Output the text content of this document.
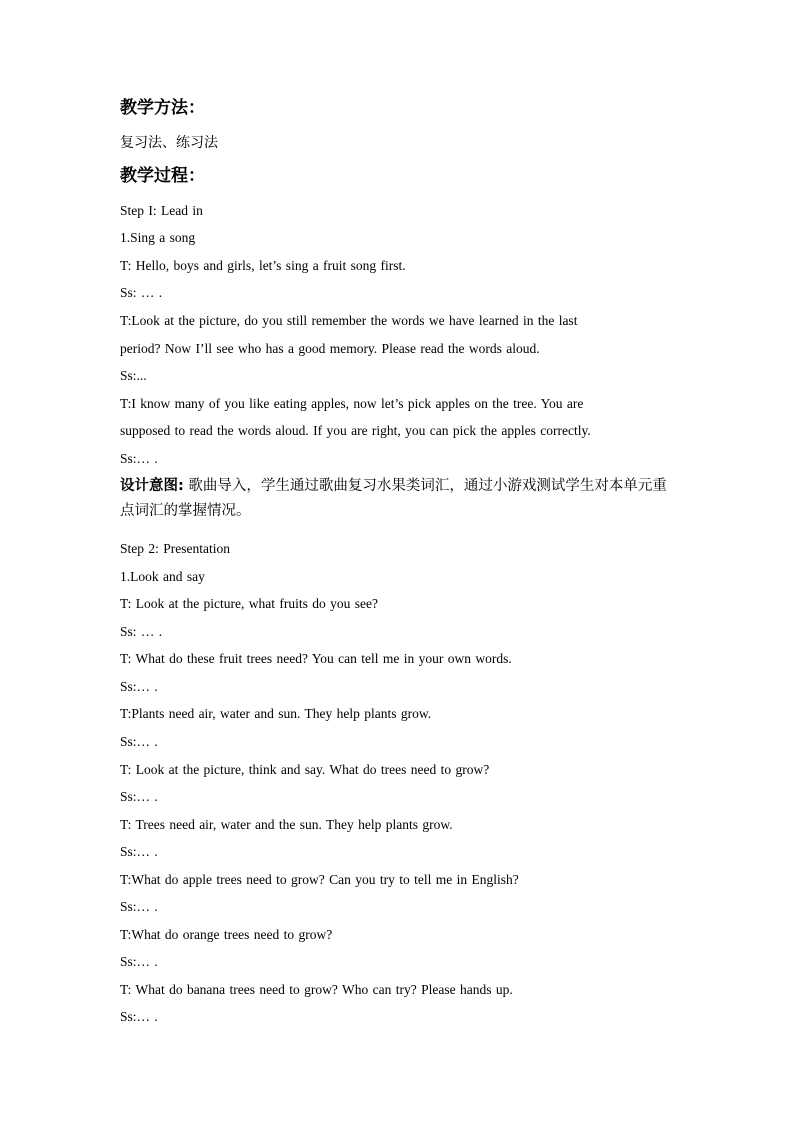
教学方法：
复习法、练习法
教学过程：
Step I: Lead in
1.Sing a song
T: Hello, boys and girls, let’s sing a fruit song first.
Ss: … .
T:Look at the picture, do you still remember the words we have learned in the last
period? Now I’ll see who has a good memory. Please read the words aloud.
Ss:...
T:I know many of you like eating apples, now let’s pick apples on the tree. You are
supposed to read the words aloud. If you are right, you can pick the apples correctly.
Ss:… .

设计意图: 歌曲导入，学生通过歌曲复习水果类词汇，通过小游戏测试学生对本单元重点词汇的掌握情况。

Step 2: Presentation
1.Look and say
T: Look at the picture, what fruits do you see?
Ss: … .
T: What do these fruit trees need? You can tell me in your own words.
Ss:… .
T:Plants need air, water and sun. They help plants grow.
Ss:… .
T: Look at the picture, think and say. What do trees need to grow?
Ss:… .
T: Trees need air, water and the sun. They help plants grow.
Ss:… .
T:What do apple trees need to grow? Can you try to tell me in English?
Ss:… .
T:What do orange trees need to grow?
Ss:… .
T: What do banana trees need to grow? Who can try? Please hands up.
Ss:… .
